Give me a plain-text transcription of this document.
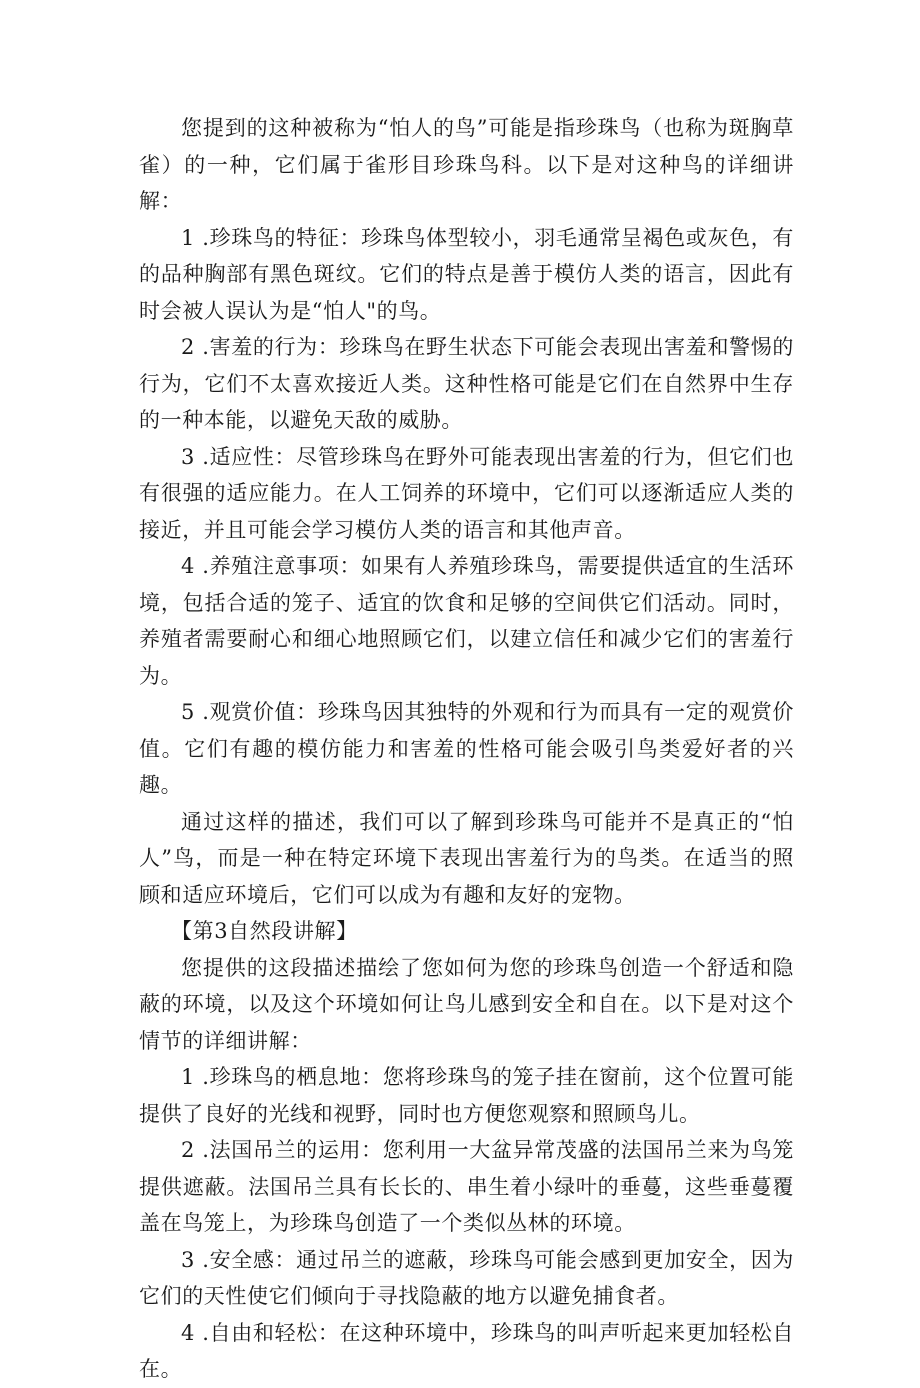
您提到的这种被称为“怕人的鸟”可能是指珍珠鸟（也称为斑胸草雀）的一种，它们属于雀形目珍珠鸟科。以下是对这种鸟的详细讲解：

1 .珍珠鸟的特征：珍珠鸟体型较小，羽毛通常呈褐色或灰色，有的品种胸部有黑色斑纹。它们的特点是善于模仿人类的语言，因此有时会被人误认为是“怕人"的鸟。

2 .害羞的行为：珍珠鸟在野生状态下可能会表现出害羞和警惕的行为，它们不太喜欢接近人类。这种性格可能是它们在自然界中生存的一种本能，以避免天敌的威胁。

3 .适应性：尽管珍珠鸟在野外可能表现出害羞的行为，但它们也有很强的适应能力。在人工饲养的环境中，它们可以逐渐适应人类的接近，并且可能会学习模仿人类的语言和其他声音。

4 .养殖注意事项：如果有人养殖珍珠鸟，需要提供适宜的生活环境，包括合适的笼子、适宜的饮食和足够的空间供它们活动。同时，养殖者需要耐心和细心地照顾它们，以建立信任和减少它们的害羞行为。

5 .观赏价值：珍珠鸟因其独特的外观和行为而具有一定的观赏价值。它们有趣的模仿能力和害羞的性格可能会吸引鸟类爱好者的兴趣。

通过这样的描述，我们可以了解到珍珠鸟可能并不是真正的“怕人”鸟，而是一种在特定环境下表现出害羞行为的鸟类。在适当的照顾和适应环境后，它们可以成为有趣和友好的宠物。

【第3自然段讲解】

您提供的这段描述描绘了您如何为您的珍珠鸟创造一个舒适和隐蔽的环境，以及这个环境如何让鸟儿感到安全和自在。以下是对这个情节的详细讲解：

1 .珍珠鸟的栖息地：您将珍珠鸟的笼子挂在窗前，这个位置可能提供了良好的光线和视野，同时也方便您观察和照顾鸟儿。

2 .法国吊兰的运用：您利用一大盆异常茂盛的法国吊兰来为鸟笼提供遮蔽。法国吊兰具有长长的、串生着小绿叶的垂蔓，这些垂蔓覆盖在鸟笼上，为珍珠鸟创造了一个类似丛林的环境。

3 .安全感：通过吊兰的遮蔽，珍珠鸟可能会感到更加安全，因为它们的天性使它们倾向于寻找隐蔽的地方以避免捕食者。

4 .自由和轻松：在这种环境中，珍珠鸟的叫声听起来更加轻松自在。
